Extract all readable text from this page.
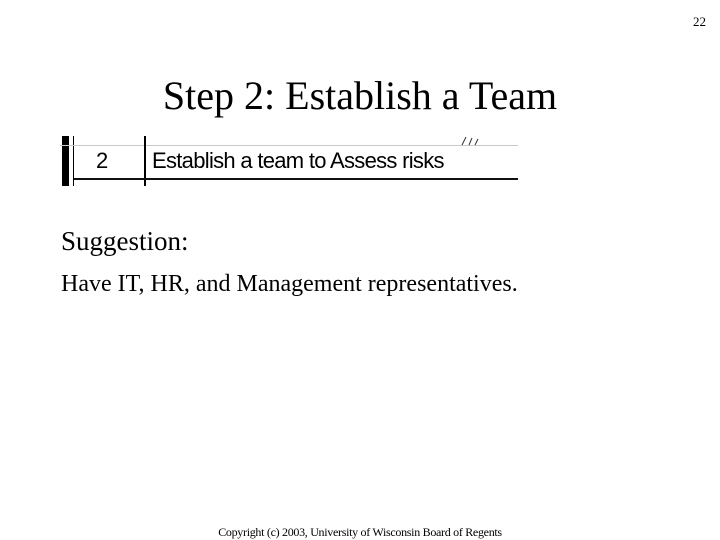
22
Step 2: Establish a Team
2 Establish a team to Assess risks

Suggestion:

Have IT, HR, and Management representatives.

Copyright (c) 2003, University of Wisconsin Board of Regents
